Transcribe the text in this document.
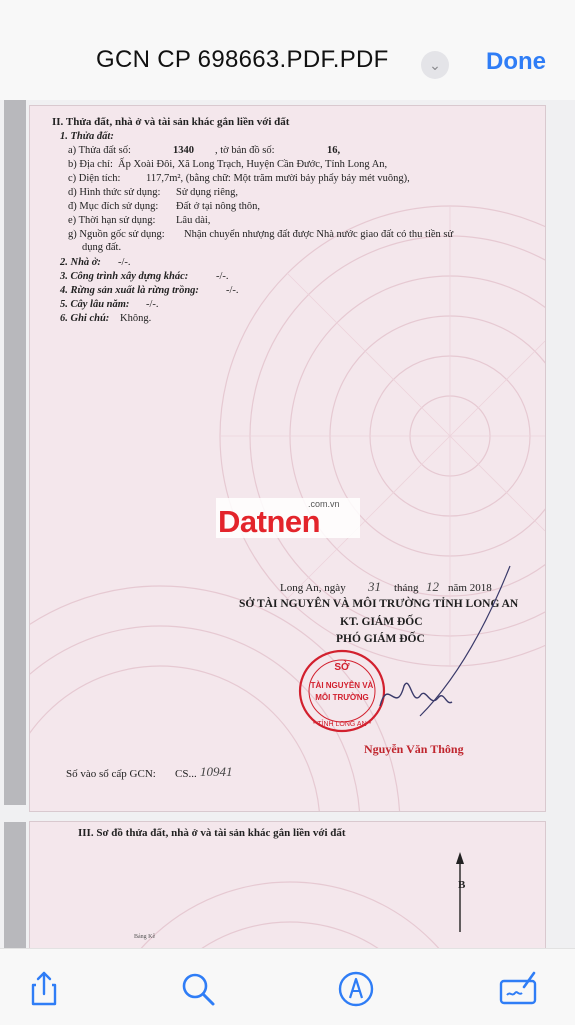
GCN CP 698663.PDF.PDF	⌄	Done
II. Thửa đất, nhà ở và tài sản khác gắn liền với đất
1. Thửa đất:
a) Thửa đất số:	1340 , tờ bản đồ số:	16,
b) Địa chỉ: Ấp Xoài Đôi, Xã Long Trạch, Huyện Cần Đước, Tỉnh Long An,
c) Diện tích: 117,7m², (bằng chữ: Một trăm mười bảy phẩy bảy mét vuông),
d) Hình thức sử dụng: Sử dụng riêng,
đ) Mục đích sử dụng: Đất ở tại nông thôn,
e) Thời hạn sử dụng: Lâu dài,
g) Nguồn gốc sử dụng: Nhận chuyển nhượng đất được Nhà nước giao đất có thu tiền sử
dụng đất.
2. Nhà ở: -/-.
3. Công trình xây dựng khác:	-/-.
4. Rừng sản xuất là rừng trồng:	-/-.
5. Cây lâu năm: -/-.
6. Ghi chú: Không.
.com.vn
Datnen
Long An, ngày 31 tháng 12 năm 2018
SỞ TÀI NGUYÊN VÀ MÔI TRƯỜNG TỈNH LONG AN
KT. GIÁM ĐỐC
PHÓ GIÁM ĐỐC
SỞ
TÀI NGUYÊN VÀ
MÔI TRƯỜNG
* TỈNH LONG AN *
Nguyễn Văn Thông
Số vào sổ cấp GCN: CS... 10941
III. Sơ đồ thửa đất, nhà ở và tài sản khác gắn liền với đất
B
Bảng Kê
